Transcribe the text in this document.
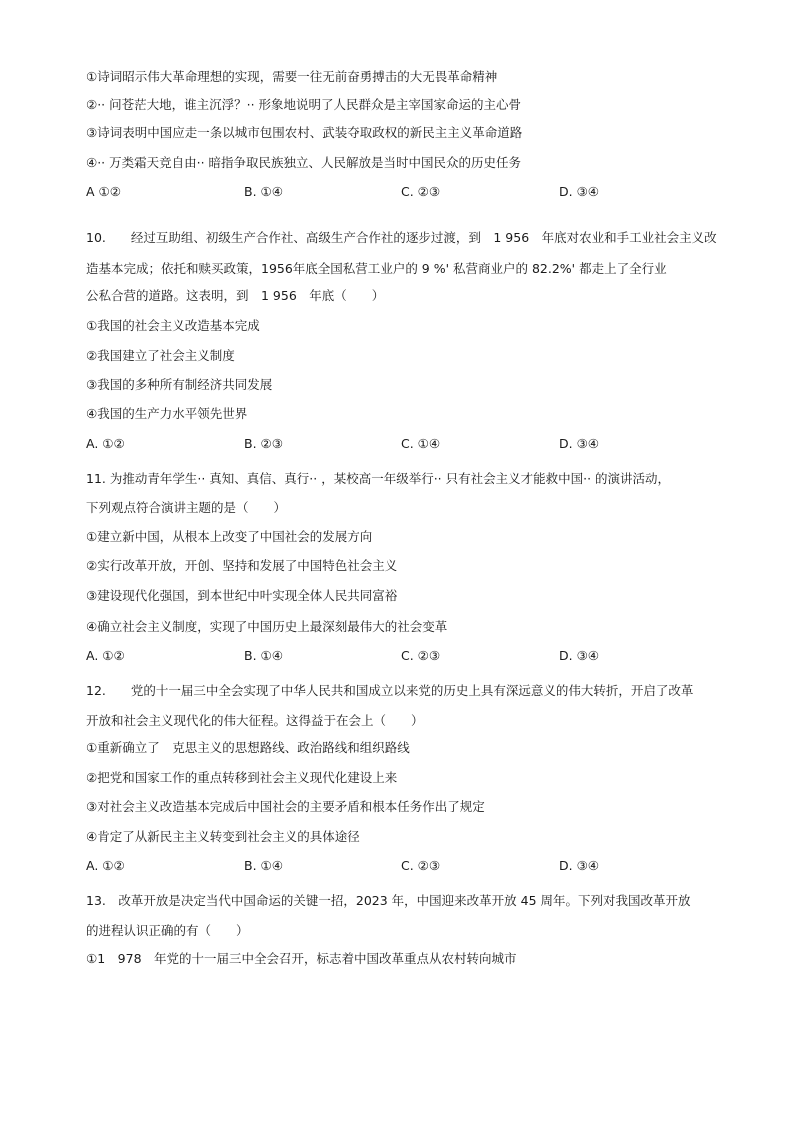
①诗词昭示伟大革命理想的实现，需要一往无前奋勇搏击的大无畏革命精神
②·· 问苍茫大地，谁主沉浮？·· 形象地说明了人民群众是主宰国家命运的主心骨
③诗词表明中国应走一条以城市包围农村、武装夺取政权的新民主主义革命道路
④·· 万类霜天竞自由·· 暗指争取民族独立、人民解放是当时中国民众的历史任务
A ①②	B. ①④	C. ②③	D. ③④
10.　　经过互助组、初级生产合作社、高级生产合作社的逐步过渡，到　1 956　年底对农业和手工业社会主义改
造基本完成；依托和赎买政策，1956年底全国私营工业户的 9 %' 私营商业户的 82.2%' 都走上了全行业
公私合营的道路。这表明，到　1 956　年底（　　）
①我国的社会主义改造基本完成
②我国建立了社会主义制度
③我国的多种所有制经济共同发展
④我国的生产力水平领先世界
A. ①②	B. ②③	C. ①④	D. ③④
11. 为推动青年学生·· 真知、真信、真行·· ，某校高一年级举行·· 只有社会主义才能救中国·· 的演讲活动，
下列观点符合演讲主题的是（　　）
①建立新中国，从根本上改变了中国社会的发展方向
②实行改革开放，开创、坚持和发展了中国特色社会主义
③建设现代化强国，到本世纪中叶实现全体人民共同富裕
④确立社会主义制度，实现了中国历史上最深刻最伟大的社会变革
A. ①②	B. ①④	C. ②③	D. ③④
12.　　党的十一届三中全会实现了中华人民共和国成立以来党的历史上具有深远意义的伟大转折，开启了改革
开放和社会主义现代化的伟大征程。这得益于在会上（　　）
①重新确立了　克思主义的思想路线、政治路线和组织路线
②把党和国家工作的重点转移到社会主义现代化建设上来
③对社会主义改造基本完成后中国社会的主要矛盾和根本任务作出了规定
④肯定了从新民主主义转变到社会主义的具体途径
A. ①②	B. ①④	C. ②③	D. ③④
13.　改革开放是决定当代中国命运的关键一招，2023 年，中国迎来改革开放 45 周年。下列对我国改革开放
的进程认识正确的有（　　）
①1　978　年党的十一届三中全会召开，标志着中国改革重点从农村转向城市
